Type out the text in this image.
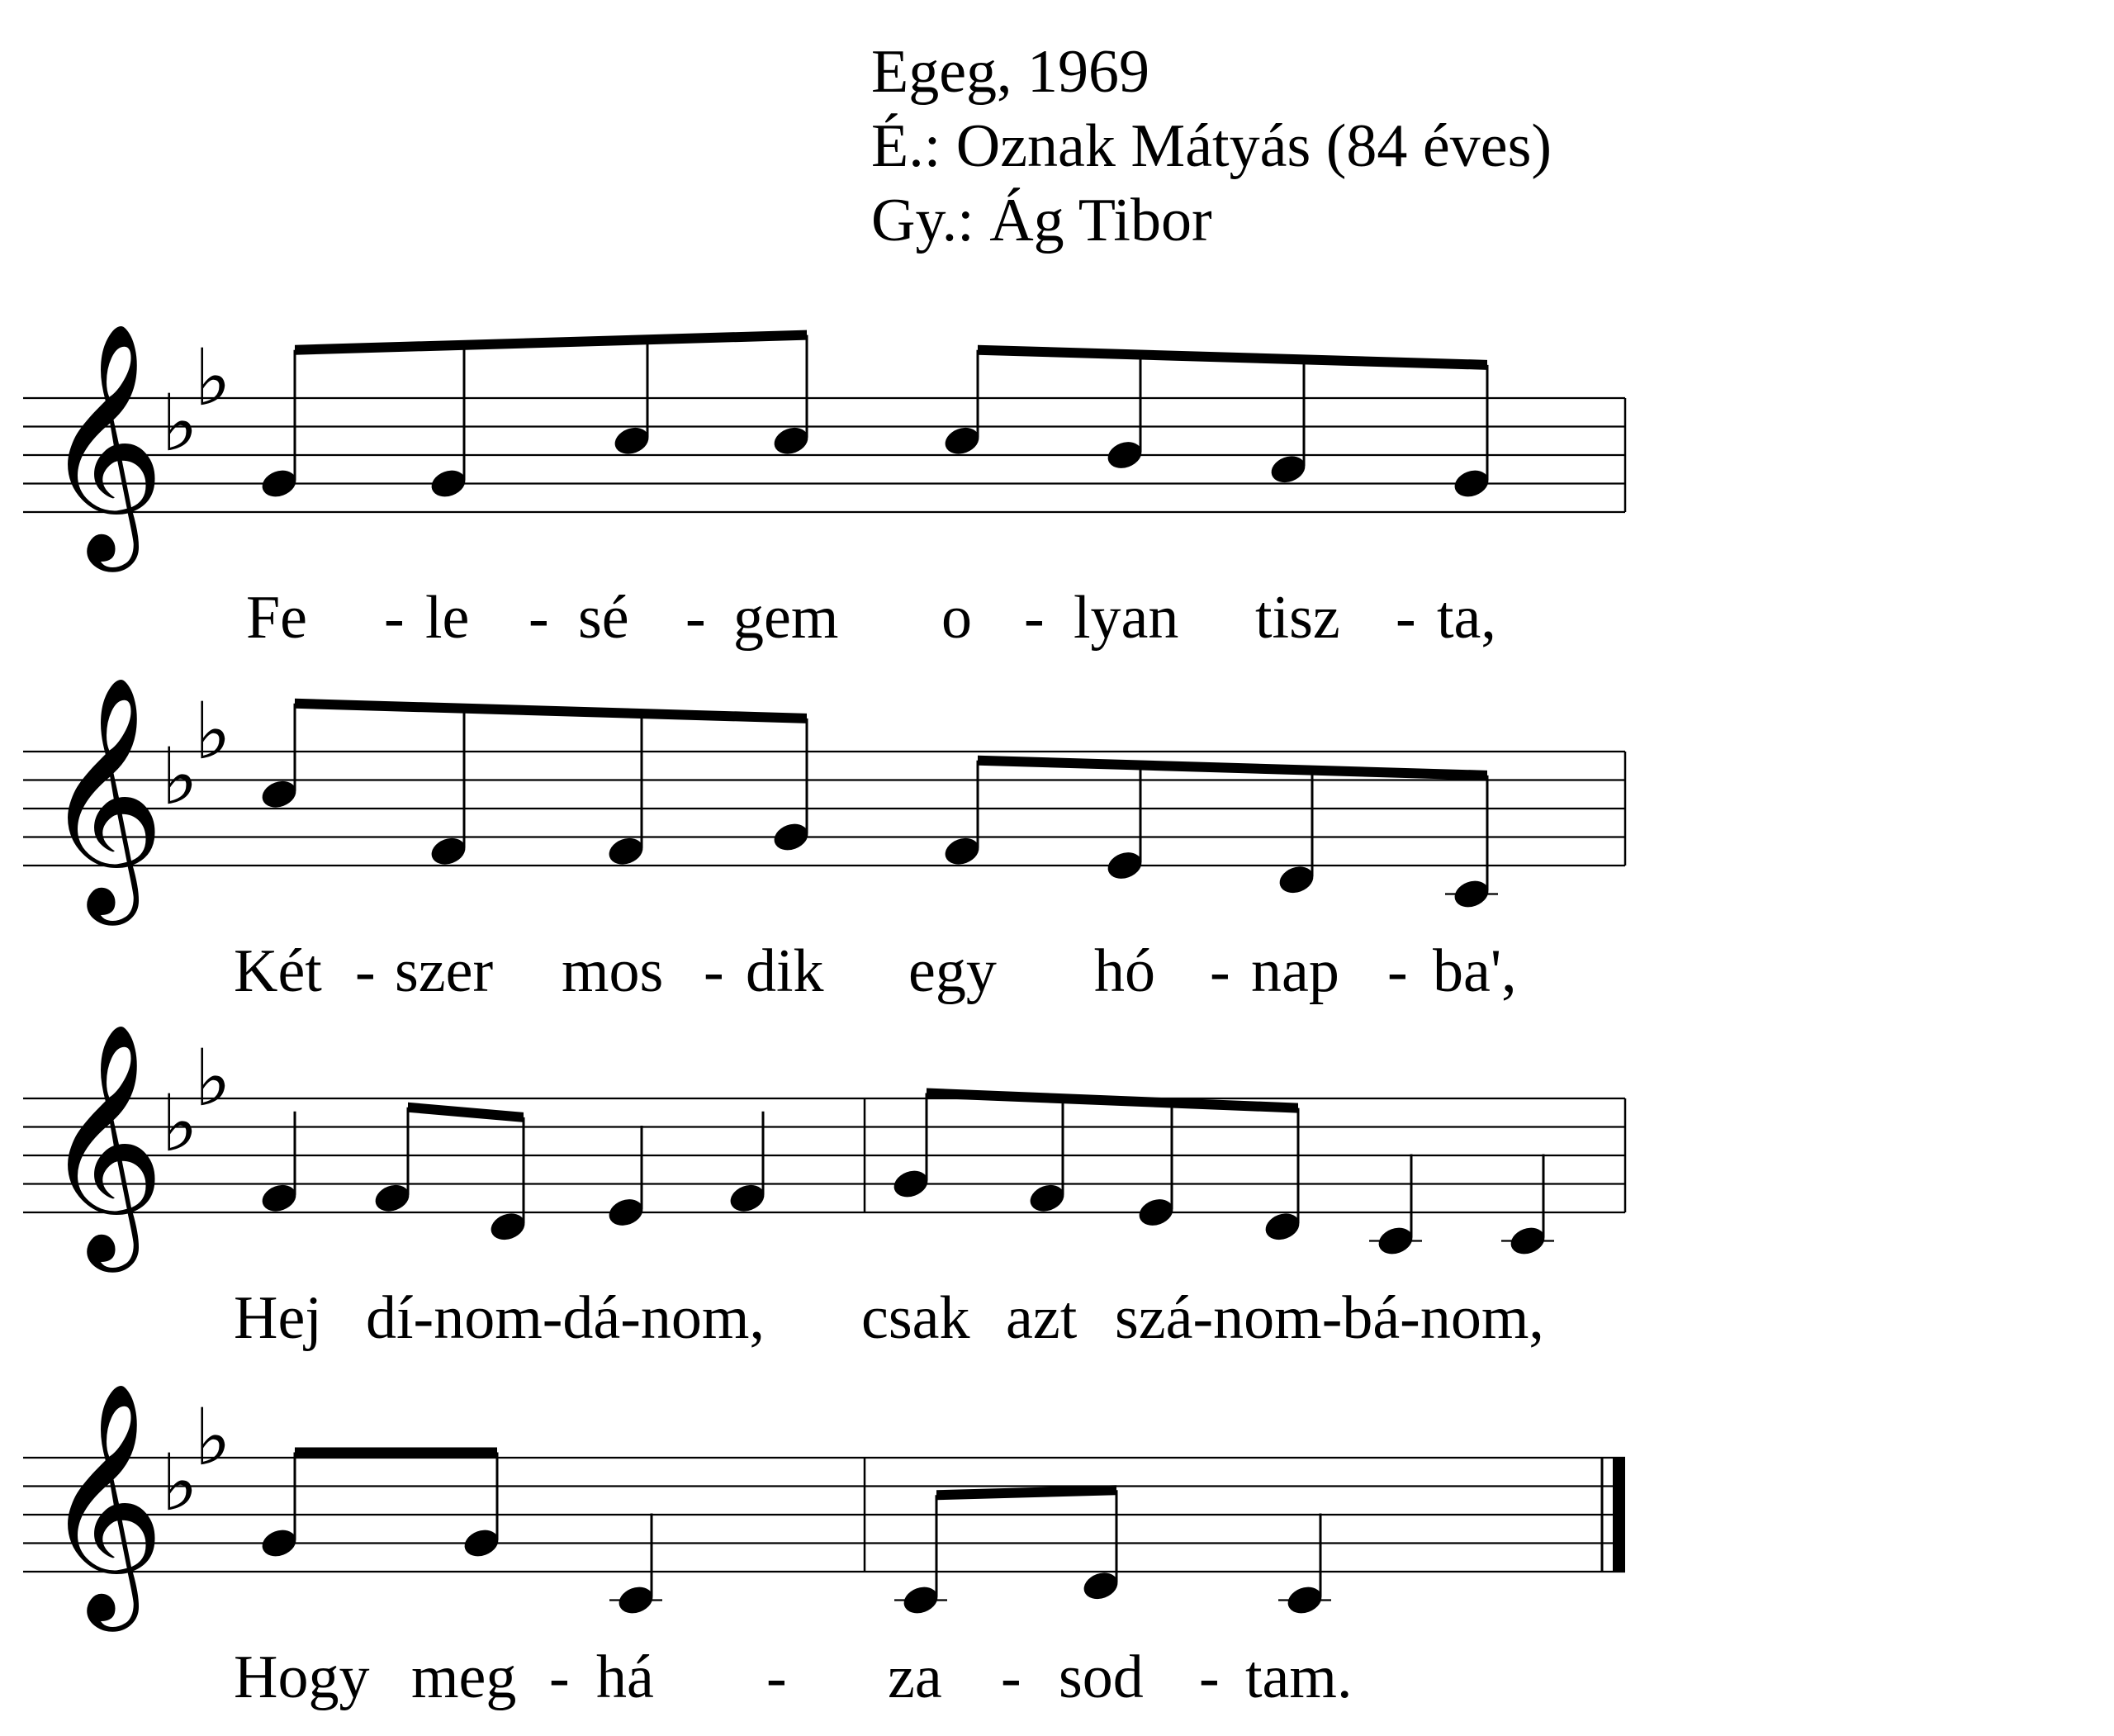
Egeg, 1969
É.: Oznak Mátyás (84 éves)
Gy.: Ág Tibor
𝄞
♭
♭
Fe - le - sé - gem o - lyan tisz - ta,
𝄞
♭
♭
Két - szer mos - dik egy hó - nap - ba',
𝄞
♭
♭
Hej dí-nom-dá-nom, csak azt szá-nom-bá-nom,
𝄞
♭
♭
Hogy meg - há - za - sod - tam.
